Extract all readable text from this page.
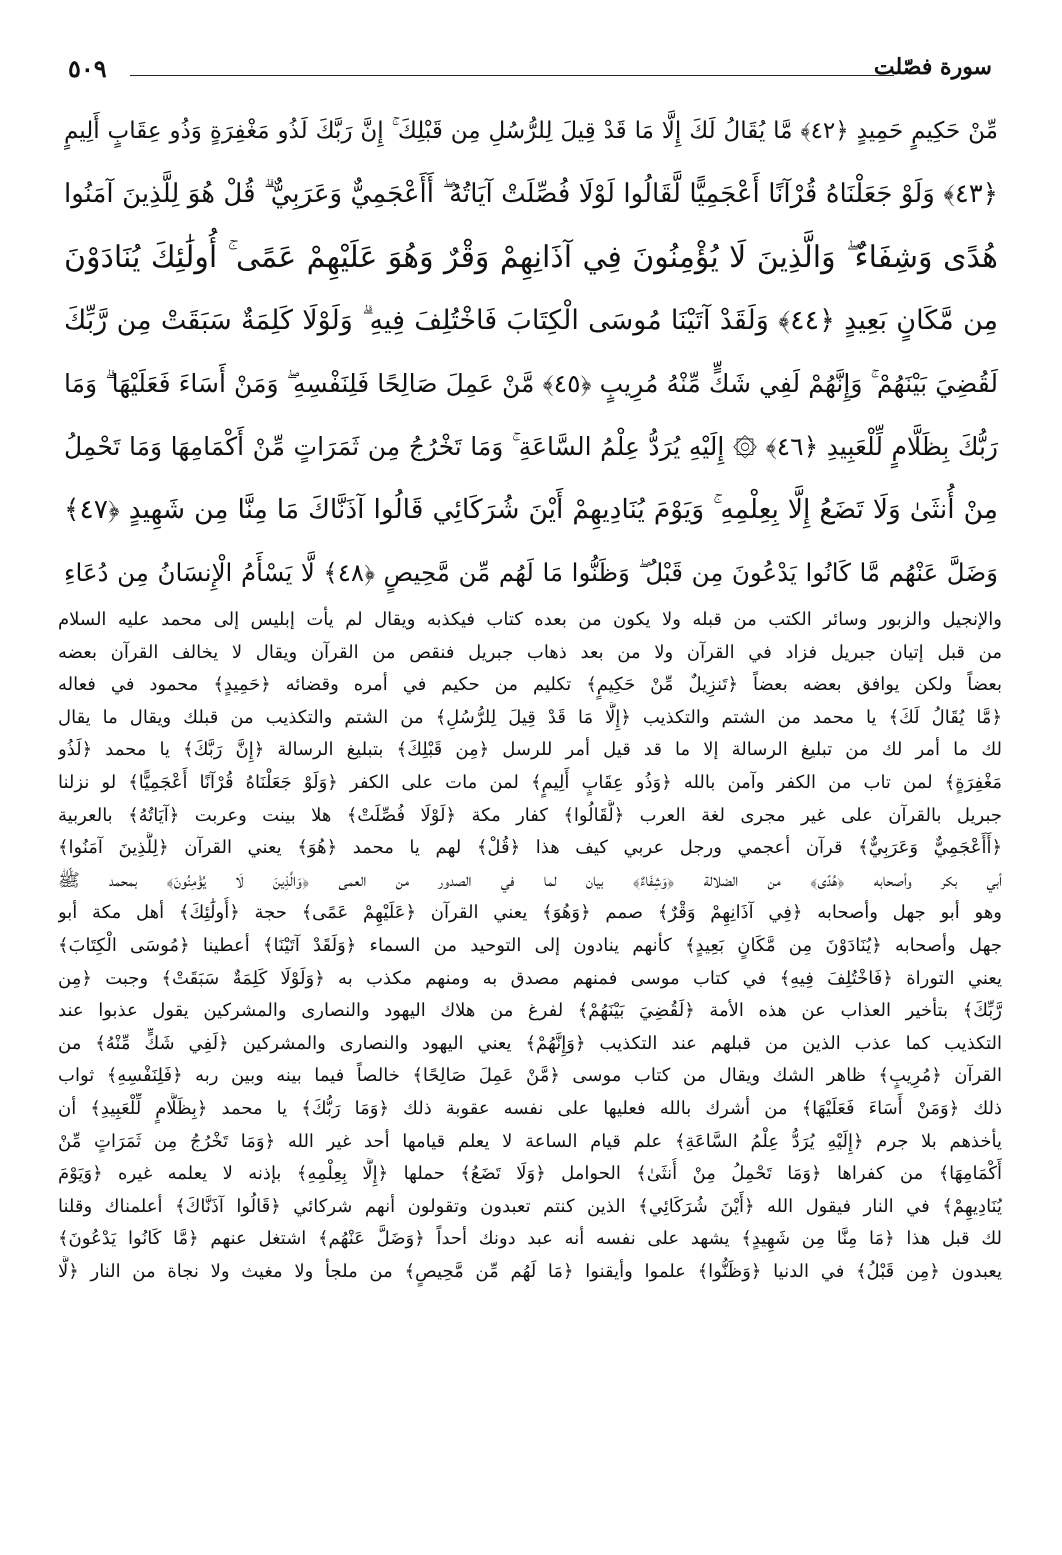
٥٠٩	سورة فصّلت
مِّنْ حَكِيمٍ حَمِيدٍ ﴿٤٢﴾ مَّا يُقَالُ لَكَ إِلَّا مَا قَدْ قِيلَ لِلرُّسُلِ مِن قَبْلِكَ ۚ إِنَّ رَبَّكَ لَذُو مَغْفِرَةٍ وَذُو عِقَابٍ أَلِيمٍ
﴿٤٣﴾ وَلَوْ جَعَلْنَاهُ قُرْآنًا أَعْجَمِيًّا لَّقَالُوا لَوْلَا فُصِّلَتْ آيَاتُهُ ۖ أَأَعْجَمِيٌّ وَعَرَبِيٌّ ۗ قُلْ هُوَ لِلَّذِينَ آمَنُوا
هُدًى وَشِفَاءٌ ۖ وَالَّذِينَ لَا يُؤْمِنُونَ فِي آذَانِهِمْ وَقْرٌ وَهُوَ عَلَيْهِمْ عَمًى ۚ أُولَٰئِكَ يُنَادَوْنَ
مِن مَّكَانٍ بَعِيدٍ ﴿٤٤﴾ وَلَقَدْ آتَيْنَا مُوسَى الْكِتَابَ فَاخْتُلِفَ فِيهِ ۗ وَلَوْلَا كَلِمَةٌ سَبَقَتْ مِن رَّبِّكَ
لَقُضِيَ بَيْنَهُمْ ۚ وَإِنَّهُمْ لَفِي شَكٍّ مِّنْهُ مُرِيبٍ ﴿٤٥﴾ مَّنْ عَمِلَ صَالِحًا فَلِنَفْسِهِ ۖ وَمَنْ أَسَاءَ فَعَلَيْهَا ۗ وَمَا
رَبُّكَ بِظَلَّامٍ لِّلْعَبِيدِ ﴿٤٦﴾ ۞ إِلَيْهِ يُرَدُّ عِلْمُ السَّاعَةِ ۚ وَمَا تَخْرُجُ مِن ثَمَرَاتٍ مِّنْ أَكْمَامِهَا وَمَا تَحْمِلُ
مِنْ أُنثَىٰ وَلَا تَضَعُ إِلَّا بِعِلْمِهِ ۚ وَيَوْمَ يُنَادِيهِمْ أَيْنَ شُرَكَائِي قَالُوا آذَنَّاكَ مَا مِنَّا مِن شَهِيدٍ ﴿٤٧﴾
وَضَلَّ عَنْهُم مَّا كَانُوا يَدْعُونَ مِن قَبْلُ ۖ وَظَنُّوا مَا لَهُم مِّن مَّحِيصٍ ﴿٤٨﴾ لَّا يَسْأَمُ الْإِنسَانُ مِن دُعَاءِ
والإنجيل والزبور وسائر الكتب من قبله ولا يكون من بعده كتاب فيكذبه ويقال لم يأت إبليس إلى محمد عليه السلام
من قبل إتيان جبريل فزاد في القرآن ولا من بعد ذهاب جبريل فنقص من القرآن ويقال لا يخالف القرآن بعضه
بعضاً ولكن يوافق بعضه بعضاً ﴿تَنزِيلٌ مِّنْ حَكِيمٍ﴾ تكليم من حكيم في أمره وقضائه ﴿حَمِيدٍ﴾ محمود في فعاله
﴿مَّا يُقَالُ لَكَ﴾ يا محمد من الشتم والتكذيب ﴿إِلَّا مَا قَدْ قِيلَ لِلرُّسُلِ﴾ من الشتم والتكذيب من قبلك ويقال ما يقال
لك ما أمر لك من تبليغ الرسالة إلا ما قد قيل أمر للرسل ﴿مِن قَبْلِكَ﴾ بتبليغ الرسالة ﴿إِنَّ رَبَّكَ﴾ يا محمد ﴿لَذُو
مَغْفِرَةٍ﴾ لمن تاب من الكفر وآمن بالله ﴿وَذُو عِقَابٍ أَلِيمٍ﴾ لمن مات على الكفر ﴿وَلَوْ جَعَلْنَاهُ قُرْآنًا أَعْجَمِيًّا﴾ لو نزلنا
جبريل بالقرآن على غير مجرى لغة العرب ﴿لَّقَالُوا﴾ كفار مكة ﴿لَوْلَا فُصِّلَتْ﴾ هلا بينت وعربت ﴿آيَاتُهُ﴾ بالعربية
﴿أَأَعْجَمِيٌّ وَعَرَبِيٌّ﴾ قرآن أعجمي ورجل عربي كيف هذا ﴿قُلْ﴾ لهم يا محمد ﴿هُوَ﴾ يعني القرآن ﴿لِلَّذِينَ آمَنُوا﴾
أبي بكر وأصحابه ﴿هُدًى﴾ من الضلالة ﴿وَشِفَاءٌ﴾ بيان لما في الصدور من العمى ﴿وَالَّذِينَ لَا يُؤْمِنُونَ﴾ بمحمد ﷺ
وهو أبو جهل وأصحابه ﴿فِي آذَانِهِمْ وَقْرٌ﴾ صمم ﴿وَهُوَ﴾ يعني القرآن ﴿عَلَيْهِمْ عَمًى﴾ حجة ﴿أُولَٰئِكَ﴾ أهل مكة أبو
جهل وأصحابه ﴿يُنَادَوْنَ مِن مَّكَانٍ بَعِيدٍ﴾ كأنهم ينادون إلى التوحيد من السماء ﴿وَلَقَدْ آتَيْنَا﴾ أعطينا ﴿مُوسَى الْكِتَابَ﴾
يعني التوراة ﴿فَاخْتُلِفَ فِيهِ﴾ في كتاب موسى فمنهم مصدق به ومنهم مكذب به ﴿وَلَوْلَا كَلِمَةٌ سَبَقَتْ﴾ وجبت ﴿مِن
رَّبِّكَ﴾ بتأخير العذاب عن هذه الأمة ﴿لَقُضِيَ بَيْنَهُمْ﴾ لفرغ من هلاك اليهود والنصارى والمشركين يقول عذبوا عند
التكذيب كما عذب الذين من قبلهم عند التكذيب ﴿وَإِنَّهُمْ﴾ يعني اليهود والنصارى والمشركين ﴿لَفِي شَكٍّ مِّنْهُ﴾ من
القرآن ﴿مُرِيبٍ﴾ ظاهر الشك ويقال من كتاب موسى ﴿مَّنْ عَمِلَ صَالِحًا﴾ خالصاً فيما بينه وبين ربه ﴿فَلِنَفْسِهِ﴾ ثواب
ذلك ﴿وَمَنْ أَسَاءَ فَعَلَيْهَا﴾ من أشرك بالله فعليها على نفسه عقوبة ذلك ﴿وَمَا رَبُّكَ﴾ يا محمد ﴿بِظَلَّامٍ لِّلْعَبِيدِ﴾ أن
يأخذهم بلا جرم ﴿إِلَيْهِ يُرَدُّ عِلْمُ السَّاعَةِ﴾ علم قيام الساعة لا يعلم قيامها أحد غير الله ﴿وَمَا تَخْرُجُ مِن ثَمَرَاتٍ مِّنْ
أَكْمَامِهَا﴾ من كفراها ﴿وَمَا تَحْمِلُ مِنْ أُنثَىٰ﴾ الحوامل ﴿وَلَا تَضَعُ﴾ حملها ﴿إِلَّا بِعِلْمِهِ﴾ بإذنه لا يعلمه غيره ﴿وَيَوْمَ
يُنَادِيهِمْ﴾ في النار فيقول الله ﴿أَيْنَ شُرَكَائِي﴾ الذين كنتم تعبدون وتقولون أنهم شركائي ﴿قَالُوا آذَنَّاكَ﴾ أعلمناك وقلنا
لك قبل هذا ﴿مَا مِنَّا مِن شَهِيدٍ﴾ يشهد على نفسه أنه عبد دونك أحداً ﴿وَضَلَّ عَنْهُم﴾ اشتغل عنهم ﴿مَّا كَانُوا يَدْعُونَ﴾
يعبدون ﴿مِن قَبْلُ﴾ في الدنيا ﴿وَظَنُّوا﴾ علموا وأيقنوا ﴿مَا لَهُم مِّن مَّحِيصٍ﴾ من ملجأ ولا مغيث ولا نجاة من النار ﴿لَّا
